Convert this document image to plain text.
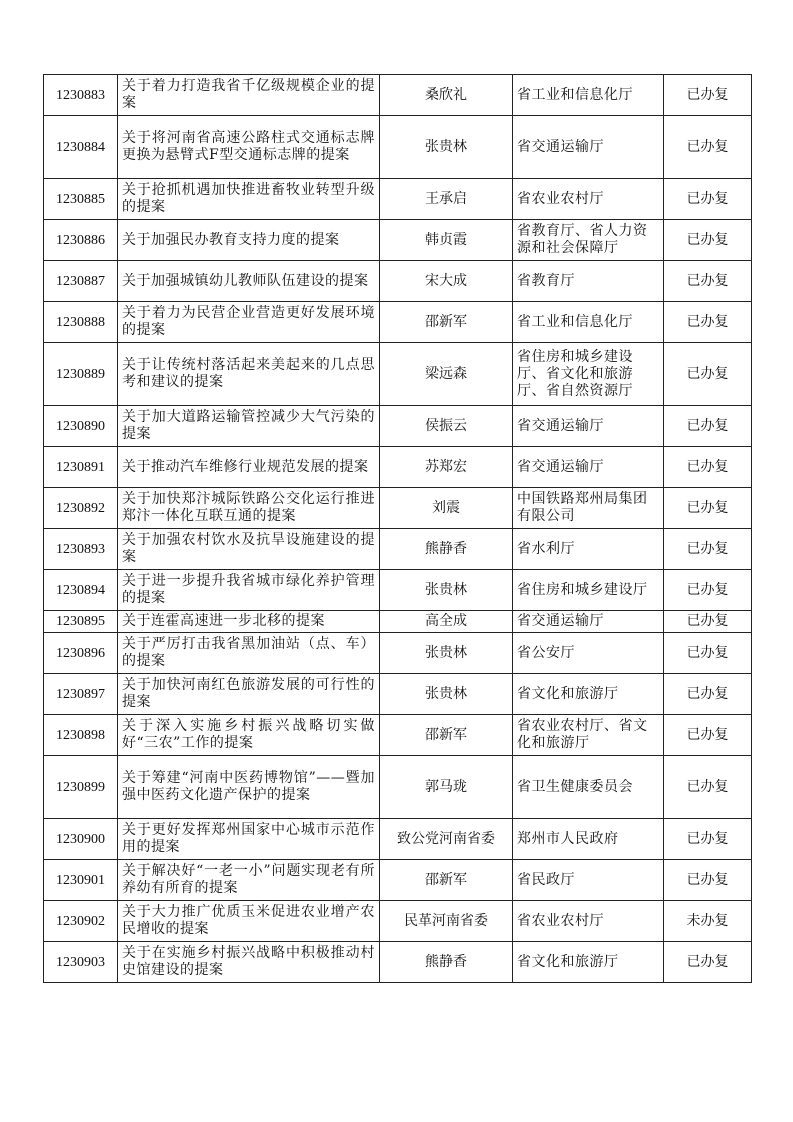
1230883	关于着力打造我省千亿级规模企业的提案	桑欣礼	省工业和信息化厅	已办复
1230884	关于将河南省高速公路柱式交通标志牌更换为悬臂式F型交通标志牌的提案	张贵林	省交通运输厅	已办复
1230885	关于抢抓机遇加快推进畜牧业转型升级的提案	王承启	省农业农村厅	已办复
1230886	关于加强民办教育支持力度的提案	韩贞霞	省教育厅、省人力资源和社会保障厅	已办复
1230887	关于加强城镇幼儿教师队伍建设的提案	宋大成	省教育厅	已办复
1230888	关于着力为民营企业营造更好发展环境的提案	邵新军	省工业和信息化厅	已办复
1230889	关于让传统村落活起来美起来的几点思考和建议的提案	梁远森	省住房和城乡建设厅、省文化和旅游厅、省自然资源厅	已办复
1230890	关于加大道路运输管控减少大气污染的提案	侯振云	省交通运输厅	已办复
1230891	关于推动汽车维修行业规范发展的提案	苏郑宏	省交通运输厅	已办复
1230892	关于加快郑汴城际铁路公交化运行推进郑汴一体化互联互通的提案	刘震	中国铁路郑州局集团有限公司	已办复
1230893	关于加强农村饮水及抗旱设施建设的提案	熊静香	省水利厅	已办复
1230894	关于进一步提升我省城市绿化养护管理的提案	张贵林	省住房和城乡建设厅	已办复
1230895	关于连霍高速进一步北移的提案	高全成	省交通运输厅	已办复
1230896	关于严厉打击我省黑加油站（点、车）的提案	张贵林	省公安厅	已办复
1230897	关于加快河南红色旅游发展的可行性的提案	张贵林	省文化和旅游厅	已办复
1230898	关于深入实施乡村振兴战略切实做好“三农”工作的提案	邵新军	省农业农村厅、省文化和旅游厅	已办复
1230899	关于筹建“河南中医药博物馆”——暨加强中医药文化遗产保护的提案	郭马珑	省卫生健康委员会	已办复
1230900	关于更好发挥郑州国家中心城市示范作用的提案	致公党河南省委	郑州市人民政府	已办复
1230901	关于解决好“一老一小”问题实现老有所养幼有所育的提案	邵新军	省民政厅	已办复
1230902	关于大力推广优质玉米促进农业增产农民增收的提案	民革河南省委	省农业农村厅	未办复
1230903	关于在实施乡村振兴战略中积极推动村史馆建设的提案	熊静香	省文化和旅游厅	已办复
